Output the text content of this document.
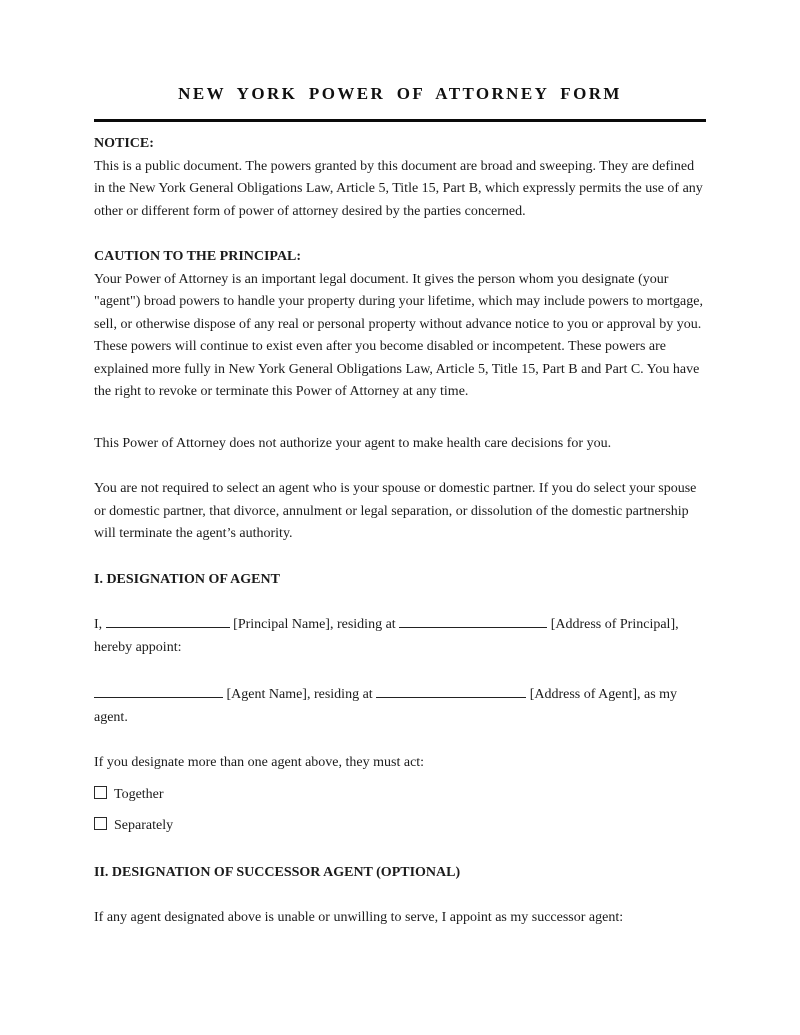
NEW YORK POWER OF ATTORNEY FORM
NOTICE:

This is a public document. The powers granted by this document are broad and sweeping. They are defined in the New York General Obligations Law, Article 5, Title 15, Part B, which expressly permits the use of any other or different form of power of attorney desired by the parties concerned.

CAUTION TO THE PRINCIPAL:

Your Power of Attorney is an important legal document. It gives the person whom you designate (your "agent") broad powers to handle your property during your lifetime, which may include powers to mortgage, sell, or otherwise dispose of any real or personal property without advance notice to you or approval by you. These powers will continue to exist even after you become disabled or incompetent. These powers are explained more fully in New York General Obligations Law, Article 5, Title 15, Part B and Part C. You have the right to revoke or terminate this Power of Attorney at any time.

This Power of Attorney does not authorize your agent to make health care decisions for you.

You are not required to select an agent who is your spouse or domestic partner. If you do select your spouse or domestic partner, that divorce, annulment or legal separation, or dissolution of the domestic partnership will terminate the agent’s authority.

I. DESIGNATION OF AGENT

I,	[Principal Name], residing at	[Address of Principal], hereby appoint:

[Agent Name], residing at	[Address of Agent], as my agent.

If you designate more than one agent above, they must act:

Together
Separately
II. DESIGNATION OF SUCCESSOR AGENT (OPTIONAL)

If any agent designated above is unable or unwilling to serve, I appoint as my successor agent:
